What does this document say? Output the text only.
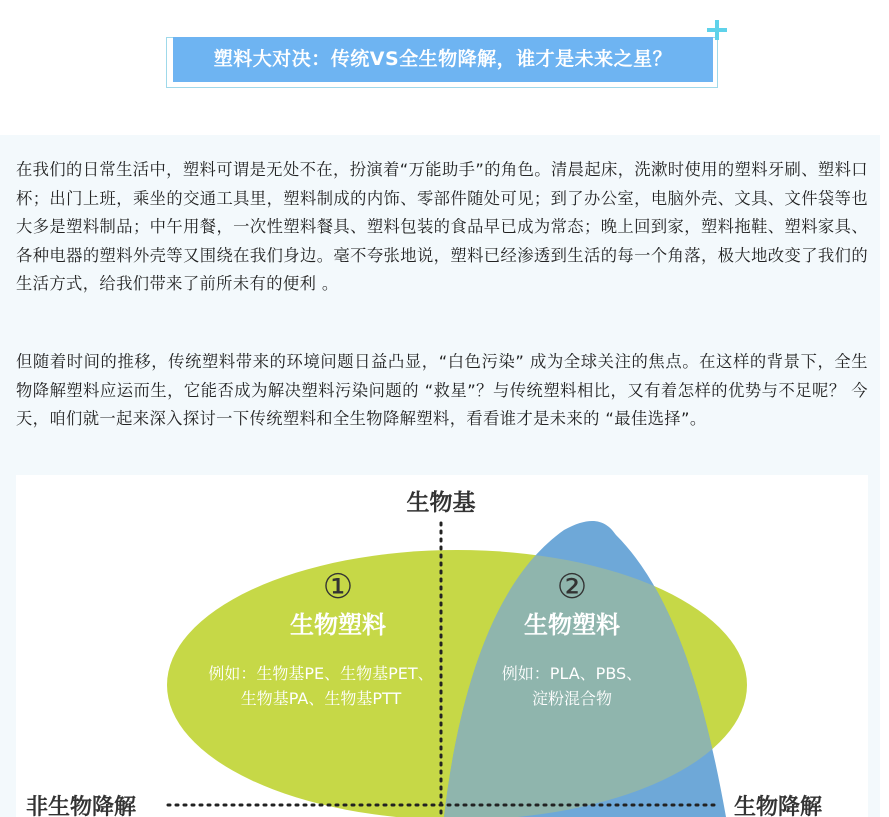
塑料大对决：传统VS全生物降解，谁才是未来之星？

在我们的日常生活中，塑料可谓是无处不在，扮演着“万能助手”的角色。清晨起床，洗漱时使用的塑料牙刷、塑料口杯；出门上班，乘坐的交通工具里，塑料制成的内饰、零部件随处可见；到了办公室，电脑外壳、文具、文件袋等也大多是塑料制品；中午用餐，一次性塑料餐具、塑料包装的食品早已成为常态；晚上回到家，塑料拖鞋、塑料家具、各种电器的塑料外壳等又围绕在我们身边。毫不夸张地说，塑料已经渗透到生活的每一个角落，极大地改变了我们的生活方式，给我们带来了前所未有的便利 。

但随着时间的推移，传统塑料带来的环境问题日益凸显，“白色污染” 成为全球关注的焦点。在这样的背景下，全生物降解塑料应运而生，它能否成为解决塑料污染问题的 “救星”？与传统塑料相比，又有着怎样的优势与不足呢？ 今天，咱们就一起来深入探讨一下传统塑料和全生物降解塑料，看看谁才是未来的 “最佳选择”。

生物基
非生物降解	生物降解
①
生物塑料
例如：生物基PE、生物基PET、
生物基PA、生物基PTT
②
生物塑料
例如：PLA、PBS、
淀粉混合物
